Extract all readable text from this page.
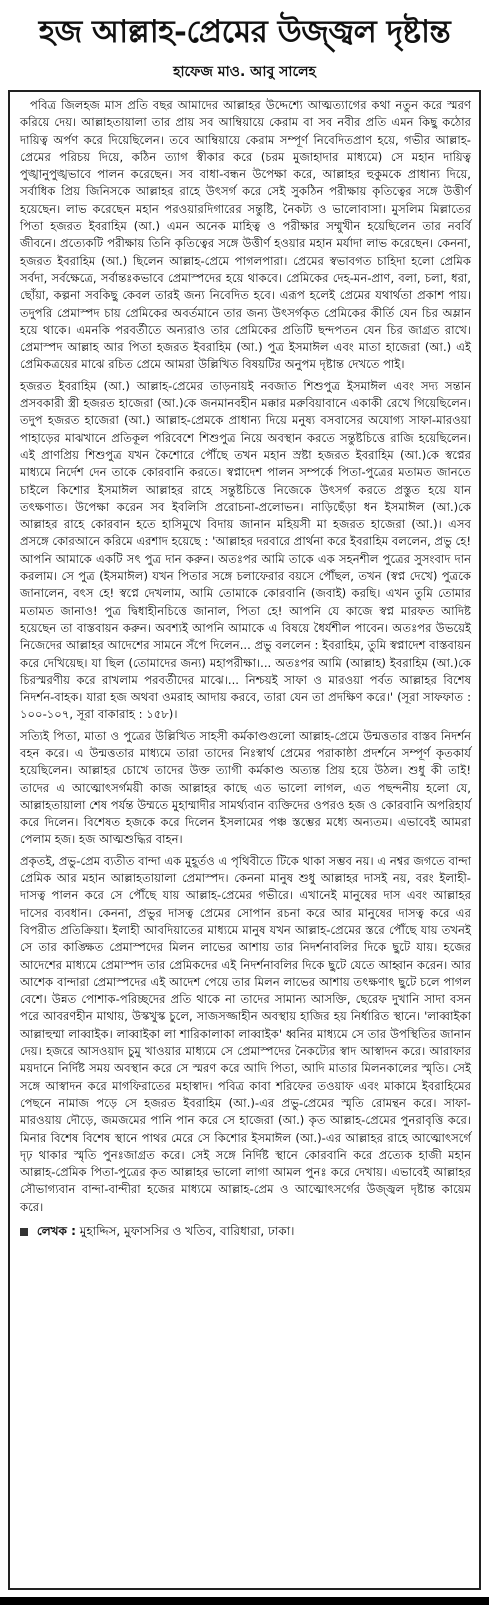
হজ আল্লাহ-প্রেমের উজ্জ্বল দৃষ্টান্ত
হাফেজ মাও. আবু সালেহ

পবিত্র জিলহজ মাস প্রতি বছর আমাদের আল্লাহর উদ্দেশ্যে আত্মত্যাগের কথা নতুন করে স্মরণ করিয়ে দেয়। আল্লাহতায়ালা তার প্রায় সব আম্বিয়ায়ে কেরাম বা সব নবীর প্রতি এমন কিছু কঠোর দায়িত্ব অর্পণ করে দিয়েছিলেন। তবে আম্বিয়ায়ে কেরাম সম্পূর্ণ নিবেদিতপ্রাণ হয়ে, গভীর আল্লাহ-প্রেমের পরিচয় দিয়ে, কঠিন ত্যাগ স্বীকার করে (চরম মুজাহাদার মাধ্যমে) সে মহান দায়িত্ব পুঙ্খানুপুঙ্খভাবে পালন করেছেন। সব বাধা-বন্ধন উপেক্ষা করে, আল্লাহর হুকুমকে প্রাধান্য দিয়ে, সর্বাধিক প্রিয় জিনিসকে আল্লাহর রাহে উৎসর্গ করে সেই সুকঠিন পরীক্ষায় কৃতিত্বের সঙ্গে উত্তীর্ণ হয়েছেন। লাভ করেছেন মহান পরওয়ারদিগারের সন্তুষ্টি, নৈকট্য ও ভালোবাসা। মুসলিম মিল্লাতের পিতা হজরত ইবরাহিম (আ.) এমন অনেক মাহিত্ব ও পরীক্ষার সম্মুখীন হয়েছিলেন তার নবর্বি জীবনে। প্রত্যেকটি পরীক্ষায় তিনি কৃতিত্বের সঙ্গে উত্তীর্ণ হওয়ার মহান মর্যাদা লাভ করেছেন। কেননা, হজরত ইবরাহিম (আ.) ছিলেন আল্লাহ-প্রেমে পাগলপারা। প্রেমের স্বভাবগত চাহিদা হলো প্রেমিক সর্বদা, সর্বক্ষেত্রে, সর্বান্তঃকভাবে প্রেমাস্পদের হয়ে থাকবে। প্রেমিকের দেহ-মন-প্রাণ, বলা, চলা, ধরা, ছোঁয়া, কল্পনা সবকিছু কেবল তারই জন্য নিবেদিত হবে। এরূপ হলেই প্রেমের যথার্থতা প্রকাশ পায়। তদুপরি প্রেমাস্পদ চায় প্রেমিকের অবর্তমানে তার জন্য উৎসর্গকৃত প্রেমিকের কীর্তি যেন চির অম্লান হয়ে থাকে। এমনকি পরবর্তীতে অন্যরাও তার প্রেমিকের প্রতিটি ছন্দপতন যেন চির জাগ্রত রাখে। প্রেমাস্পদ আল্লাহ আর পিতা হজরত ইবরাহিম (আ.) পুত্র ইসমাঈল এবং মাতা হাজেরা (আ.) এই প্রেমিকত্রয়ের মাঝে রচিত প্রেমে আমরা উল্লিখিত বিষয়টির অনুপম দৃষ্টান্ত দেখতে পাই।

হজরত ইবরাহিম (আ.) আল্লাহ-প্রেমের তাড়নায়ই নবজাত শিশুপুত্র ইসমাঈল এবং সদ্য সন্তান প্রসবকারী স্ত্রী হজরত হাজেরা (আ.)কে জনমানবহীন মক্কার মরুবিয়াবানে একাকী রেখে গিয়েছিলেন। তদুপ হজরত হাজেরা (আ.) আল্লাহ-প্রেমকে প্রাধান্য দিয়ে মনুষ্য বসবাসের অযোগ্য সাফা-মারওয়া পাহাড়ের মাঝখানে প্রতিকূল পরিবেশে শিশুপুত্র নিয়ে অবস্থান করতে সন্তুষ্টচিত্তে রাজি হয়েছিলেন। এই প্রাণপ্রিয় শিশুপুত্র যখন কৈশোরে পৌঁছে তখন মহান স্রষ্টা হজরত ইবরাহিম (আ.)কে স্বপ্নের মাধ্যমে নির্দেশ দেন তাকে কোরবানি করতে। স্বপ্নাদেশ পালন সম্পর্কে পিতা-পুত্রের মতামত জানতে চাইলে কিশোর ইসমাঈল আল্লাহর রাহে সন্তুষ্টচিত্তে নিজেকে উৎসর্গ করতে প্রস্তুত হয়ে যান তৎক্ষণাত। উপেক্ষা করেন সব ইবলিসি প্ররোচনা-প্রলোভন। নাড়িছেঁড়া ধন ইসমাঈল (আ.)কে আল্লাহর রাহে কোরবান হতে হাসিমুখে বিদায় জানান মহিয়সী মা হজরত হাজেরা (আ.)। এসব প্রসঙ্গে কোরআনে করিমে এরশাদ হয়েছে : 'আল্লাহর দরবারে প্রার্থনা করে ইবরাহিম বললেন, প্রভু হে! আপনি আমাকে একটি সৎ পুত্র দান করুন। অতঃপর আমি তাকে এক সহনশীল পুত্রের সুসংবাদ দান করলাম। সে পুত্র (ইসমাঈল) যখন পিতার সঙ্গে চলাফেরার বয়সে পৌঁছল, তখন (স্বপ্ন দেখে) পুত্রকে জানালেন, বৎস হে! স্বপ্নে দেখলাম, আমি তোমাকে কোরবানি (জবাই) করছি। এখন তুমি তোমার মতামত জানাও! পুত্র দ্বিধাহীনচিত্তে জানাল, পিতা হে! আপনি যে কাজে স্বপ্ন মারফত আদিষ্ট হয়েছেন তা বাস্তবায়ন করুন। অবশ্যই আপনি আমাকে এ বিষয়ে ধৈর্যশীল পাবেন। অতঃপর উভয়েই নিজেদের আল্লাহর আদেশের সামনে সঁপে দিলেন... প্রভু বললেন : ইবরাহিম, তুমি স্বপ্নাদেশ বাস্তবায়ন করে দেখিয়েছ। যা ছিল (তোমাদের জন্য) মহাপরীক্ষা।... অতঃপর আমি (আল্লাহ) ইবরাহিম (আ.)কে চিরস্মরণীয় করে রাখলাম পরবর্তীদের মাঝে।... নিশ্চয়ই সাফা ও মারওয়া পর্বত আল্লাহর বিশেষ নিদর্শন-বাহক। যারা হজ অথবা ওমরাহ আদায় করবে, তারা যেন তা প্রদক্ষিণ করে।' (সূরা সাফফাত : ১০০-১০৭, সূরা বাকারাহ : ১৫৮)।

সত্যিই পিতা, মাতা ও পুত্রের উল্লিখিত সাহসী কর্মকাণ্ডগুলো আল্লাহ-প্রেমে উন্মত্ততার বাস্তব নিদর্শন বহন করে। এ উন্মত্ততার মাধ্যমে তারা তাদের নিঃস্বার্থ প্রেমের পরাকাষ্ঠা প্রদর্শনে সম্পূর্ণ কৃতকার্য হয়েছিলেন। আল্লাহর চোখে তাদের উক্ত ত্যাগী কর্মকাণ্ড অত্যন্ত প্রিয় হয়ে উঠল। শুধু কী তাই! তাদের এ আত্মোৎসর্গময়ী কাজ আল্লাহর কাছে এত ভালো লাগল, এত পছন্দনীয় হলো যে, আল্লাহতায়ালা শেষ পর্যন্ত উম্মতে মুহাম্মাদীর সামর্থ্যবান ব্যক্তিদের ওপরও হজ ও কোরবানি অপরিহার্য করে দিলেন। বিশেষত হজকে করে দিলেন ইসলামের পঞ্চ স্তম্ভের মধ্যে অন্যতম। এভাবেই আমরা পেলাম হজ। হজ আত্মশুদ্ধির বাহন।

প্রকৃতই, প্রভু-প্রেম ব্যতীত বান্দা এক মুহূর্তও এ পৃথিবীতে টিকে থাকা সম্ভব নয়। এ নশ্বর জগতে বান্দা প্রেমিক আর মহান আল্লাহতায়ালা প্রেমাস্পদ। কেননা মানুষ শুধু আল্লাহর দাসই নয়, বরং ইলাহী-দাসত্ব পালন করে সে পৌঁছে যায় আল্লাহ-প্রেমের গভীরে। এখানেই মানুষের দাস এবং আল্লাহর দাসের ব্যবধান। কেননা, প্রভুর দাসত্ব প্রেমের সোপান রচনা করে আর মানুষের দাসত্ব করে এর বিপরীত প্রতিক্রিয়া। ইলাহী আবদিয়াতের মাধ্যমে মানুষ যখন আল্লাহ-প্রেমের স্তরে পৌঁছে যায় তখনই সে তার কাঙ্ক্ষিত প্রেমাস্পদের মিলন লাভের আশায় তার নিদর্শনাবলির দিকে ছুটে যায়। হজের আদেশের মাধ্যমে প্রেমাস্পদ তার প্রেমিকদের এই নিদর্শনাবলির দিকে ছুটে যেতে আহ্বান করেন। আর আশেক বান্দারা প্রেমাস্পদের এই আদেশ পেয়ে তার মিলন লাভের আশায় তৎক্ষণাৎ ছুটে চলে পাগল বেশে। উন্নত পোশাক-পরিচ্ছদের প্রতি থাকে না তাদের সামান্য আসক্তি, ছেরেফ দুখানি সাদা বসন পরে আবরণহীন মাথায়, উস্কখুস্ক চুলে, সাজসজ্জাহীন অবস্থায় হাজির হয় নির্ধারিত স্থানে। 'লাব্বাইকা আল্লাহুম্মা লাব্বাইক। লাব্বাইকা লা শারিকালাকা লাব্বাইক' ধ্বনির মাধ্যমে সে তার উপস্থিতির জানান দেয়। হজরে আসওয়াদ চুমু খাওয়ার মাধ্যমে সে প্রেমাস্পদের নৈকট্যের স্বাদ আস্বাদন করে। আরাফার ময়দানে নির্দিষ্ট সময় অবস্থান করে সে স্মরণ করে আদি পিতা, আদি মাতার মিলনকালের স্মৃতি। সেই সঙ্গে আস্বাদন করে মাগফিরাতের মহাস্বাদ। পবিত্র কাবা শরিফের তওয়াফ এবং মাকামে ইবরাহিমের পেছনে নামাজ পড়ে সে হজরত ইবরাহিম (আ.)-এর প্রভু-প্রেমের স্মৃতি রোমন্থন করে। সাফা-মারওয়ায় দৌড়ে, জমজমের পানি পান করে সে হাজেরা (আ.) কৃত আল্লাহ-প্রেমের পুনরাবৃত্তি করে। মিনার বিশেষ বিশেষ স্থানে পাথর মেরে সে কিশোর ইসমাঈল (আ.)-এর আল্লাহর রাহে আত্মোৎসর্গে দৃঢ় থাকার স্মৃতি পুনঃজাগ্রত করে। সেই সঙ্গে নির্দিষ্ট স্থানে কোরবানি করে প্রত্যেক হাজী মহান আল্লাহ-প্রেমিক পিতা-পুত্রের কৃত আল্লাহর ভালো লাগা আমল পুনঃ করে দেখায়। এভাবেই আল্লাহর সৌভাগ্যবান বান্দা-বান্দীরা হজের মাধ্যমে আল্লাহ-প্রেম ও আত্মোৎসর্গের উজ্জ্বল দৃষ্টান্ত কায়েম করে।

লেখক : মুহাদ্দিস, মুফাসসির ও খতিব, বারিধারা, ঢাকা।
